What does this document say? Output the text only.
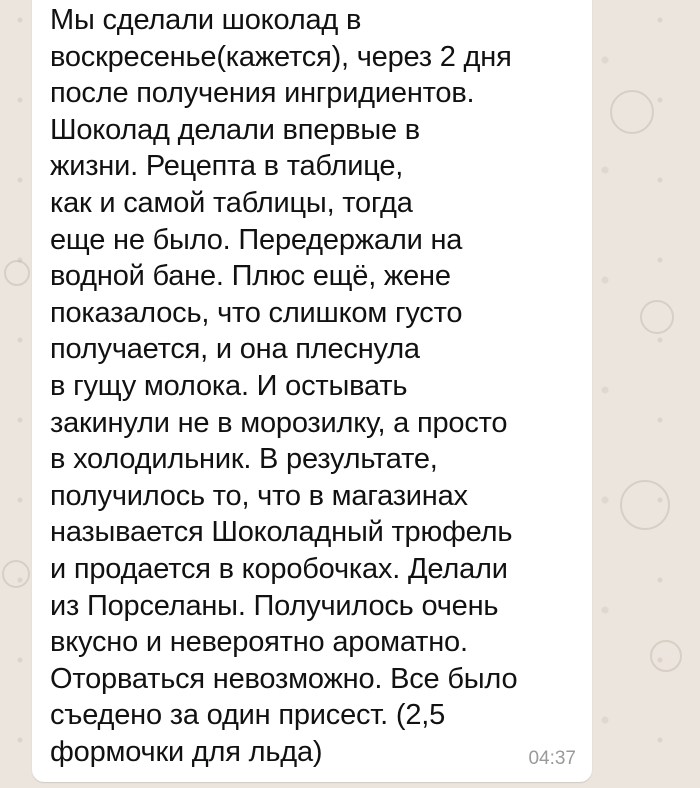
Мы сделали шоколад в
воскресенье(кажется), через 2 дня
после получения ингридиентов.
Шоколад делали впервые в
жизни. Рецепта в таблице,
как и самой таблицы, тогда
еще не было. Передержали на
водной бане. Плюс ещё, жене
показалось, что слишком густо
получается, и она плеснула
в гущу молока. И остывать
закинули не в морозилку, а просто
в холодильник. В результате,
получилось то, что в магазинах
называется Шоколадный трюфель
и продается в коробочках. Делали
из Порселаны. Получилось очень
вкусно и невероятно ароматно.
Оторваться невозможно. Все было
съедено за один присест. (2,5
формочки для льда)	04:37
